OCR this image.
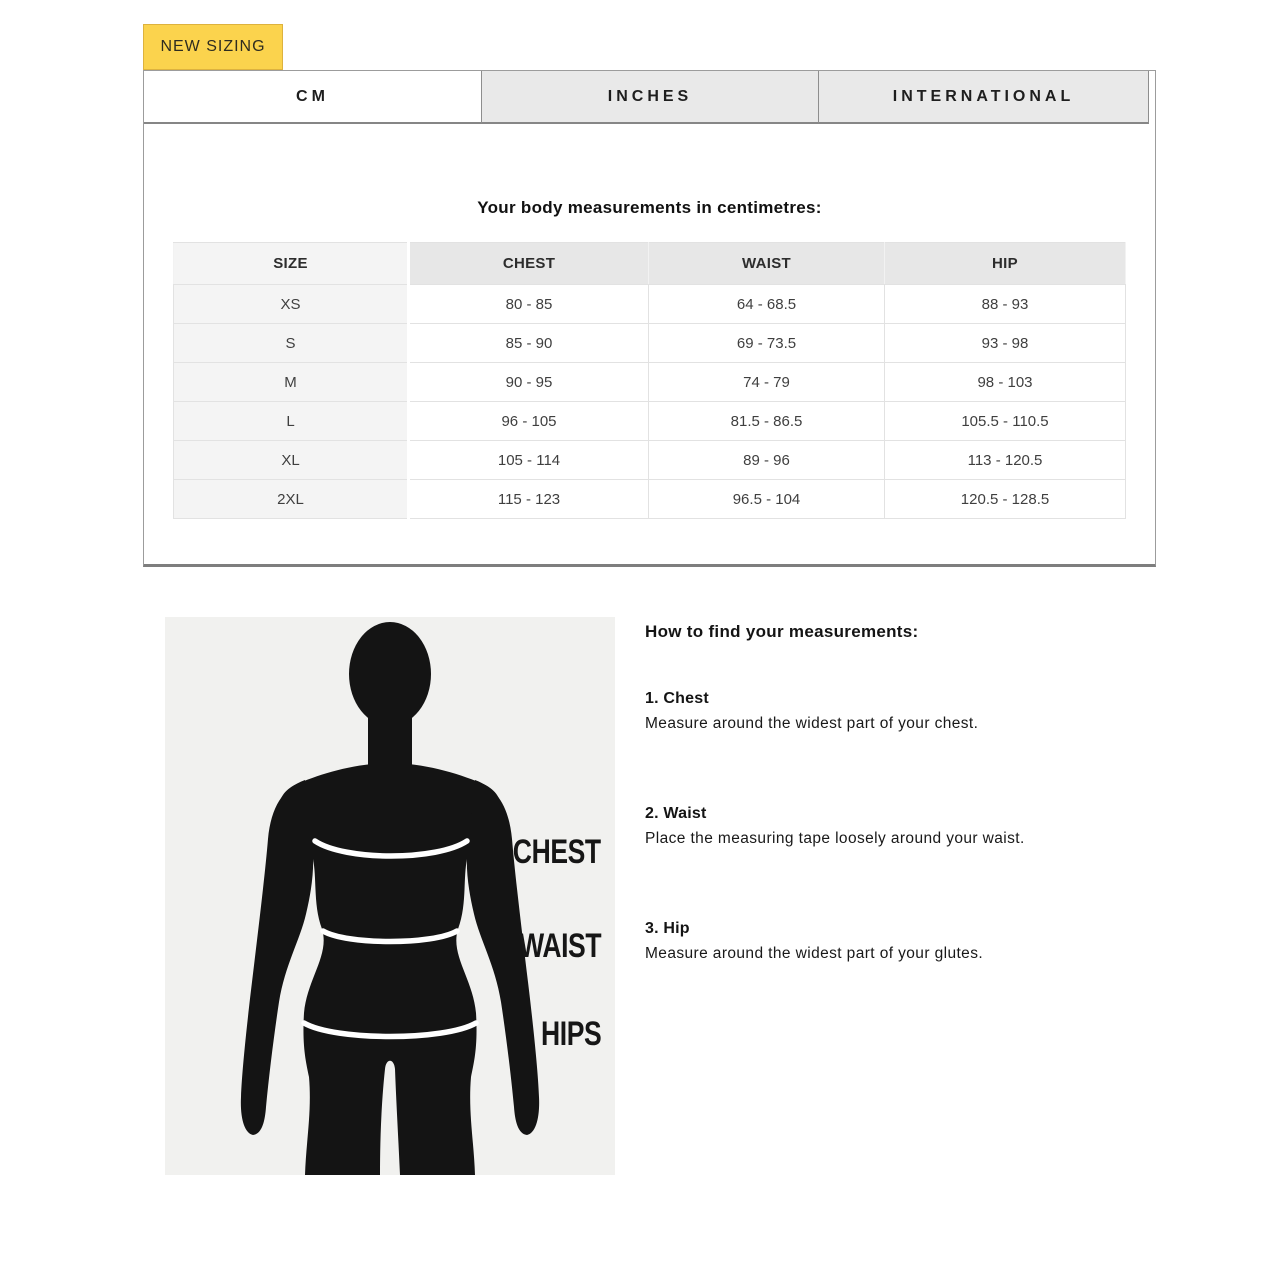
NEW SIZING
CM	INCHES	INTERNATIONAL
Your body measurements in centimetres:
SIZE	CHEST	WAIST	HIP
XS	80 - 85	64 - 68.5	88 - 93
S	85 - 90	69 - 73.5	93 - 98
M	90 - 95	74 - 79	98 - 103
L	96 - 105	81.5 - 86.5	105.5 - 110.5
XL	105 - 114	89 - 96	113 - 120.5
2XL	115 - 123	96.5 - 104	120.5 - 128.5
CHEST
WAIST
HIPS
How to find your measurements:
1. Chest

Measure around the widest part of your chest.

2. Waist

Place the measuring tape loosely around your waist.

3. Hip

Measure around the widest part of your glutes.
